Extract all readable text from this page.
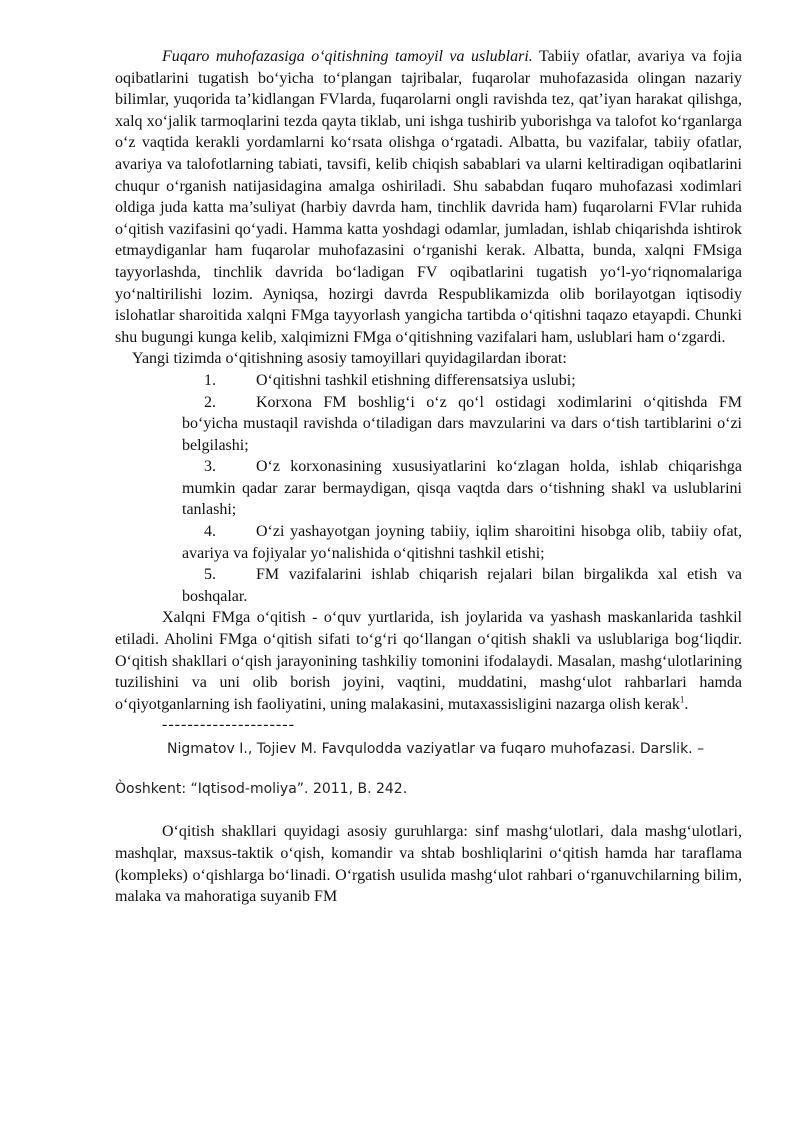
Fuqaro muhofazasiga o‘qitishning tamoyil va uslublari. Tabiiy ofatlar, avariya va fojia oqibatlarini tugatish bo‘yicha to‘plangan tajribalar, fuqarolar muhofazasida olingan nazariy bilimlar, yuqorida ta’kidlangan FVlarda, fuqarolarni ongli ravishda tez, qat’iyan harakat qilishga, xalq xo‘jalik tarmoqlarini tezda qayta tiklab, uni ishga tushirib yuborishga va talofot ko‘rganlarga o‘z vaqtida kerakli yordamlarni ko‘rsata olishga o‘rgatadi. Albatta, bu vazifalar, tabiiy ofatlar, avariya va talofotlarning tabiati, tavsifi, kelib chiqish sabablari va ularni keltiradigan oqibatlarini chuqur o‘rganish natijasidagina amalga oshiriladi. Shu sababdan fuqaro muhofazasi xodimlari oldiga juda katta ma’suliyat (harbiy davrda ham, tinchlik davrida ham) fuqarolarni FVlar ruhida o‘qitish vazifasini qo‘yadi. Hamma katta yoshdagi odamlar, jumladan, ishlab chiqarishda ishtirok etmaydiganlar ham fuqarolar muhofazasini o‘rganishi kerak. Albatta, bunda, xalqni FMsiga tayyorlashda, tinchlik davrida bo‘ladigan FV oqibatlarini tugatish yo‘l-yo‘riqnomalariga yo‘naltirilishi lozim. Ayniqsa, hozirgi davrda Respublikamizda olib borilayotgan iqtisodiy islohatlar sharoitida xalqni FMga tayyorlash yangicha tartibda o‘qitishni taqazo etayapdi. Chunki shu bugungi kunga kelib, xalqimizni FMga o‘qitishning vazifalari ham, uslublari ham o‘zgardi.

Yangi tizimda o‘qitishning asosiy tamoyillari quyidagilardan iborat:

1.	O‘qitishni tashkil etishning differensatsiya uslubi;
2.	Korxona FM boshlig‘i o‘z qo‘l ostidagi xodimlarini o‘qitishda FM bo‘yicha mustaqil ravishda o‘tiladigan dars mavzularini va dars o‘tish tartiblarini o‘zi belgilashi;
3.	O‘z korxonasining xususiyatlarini ko‘zlagan holda, ishlab chiqarishga mumkin qadar zarar bermaydigan, qisqa vaqtda dars o‘tishning shakl va uslublarini tanlashi;
4.	O‘zi yashayotgan joyning tabiiy, iqlim sharoitini hisobga olib, tabiiy ofat, avariya va fojiyalar yo‘nalishida o‘qitishni tashkil etishi;
5.	FM vazifalarini ishlab chiqarish rejalari bilan birgalikda xal etish va boshqalar.

Xalqni FMga o‘qitish - o‘quv yurtlarida, ish joylarida va yashash maskanlarida tashkil etiladi. Aholini FMga o‘qitish sifati to‘g‘ri qo‘llangan o‘qitish shakli va uslublariga bog‘liqdir. O‘qitish shakllari o‘qish jarayonining tashkiliy tomonini ifodalaydi. Masalan, mashg‘ulotlarining tuzilishini va uni olib borish joyini, vaqtini, muddatini, mashg‘ulot rahbarlari hamda o‘qiyotganlarning ish faoliyatini, uning malakasini, mutaxassisligini nazarga olish kerak$^1$.

---------------------
Nigmatov I., Tojiev M. Favqulodda vaziyatlar va fuqaro muhofazasi. Darslik. –
Òoshkent: “Iqtisod-moliya”. 2011, B. 242.

O‘qitish shakllari quyidagi asosiy guruhlarga: sinf mashg‘ulotlari, dala mashg‘ulotlari, mashqlar, maxsus-taktik o‘qish, komandir va shtab boshliqlarini o‘qitish hamda har taraflama (kompleks) o‘qishlarga bo‘linadi. O‘rgatish usulida mashg‘ulot rahbari o‘rganuvchilarning bilim, malaka va mahoratiga suyanib FM
